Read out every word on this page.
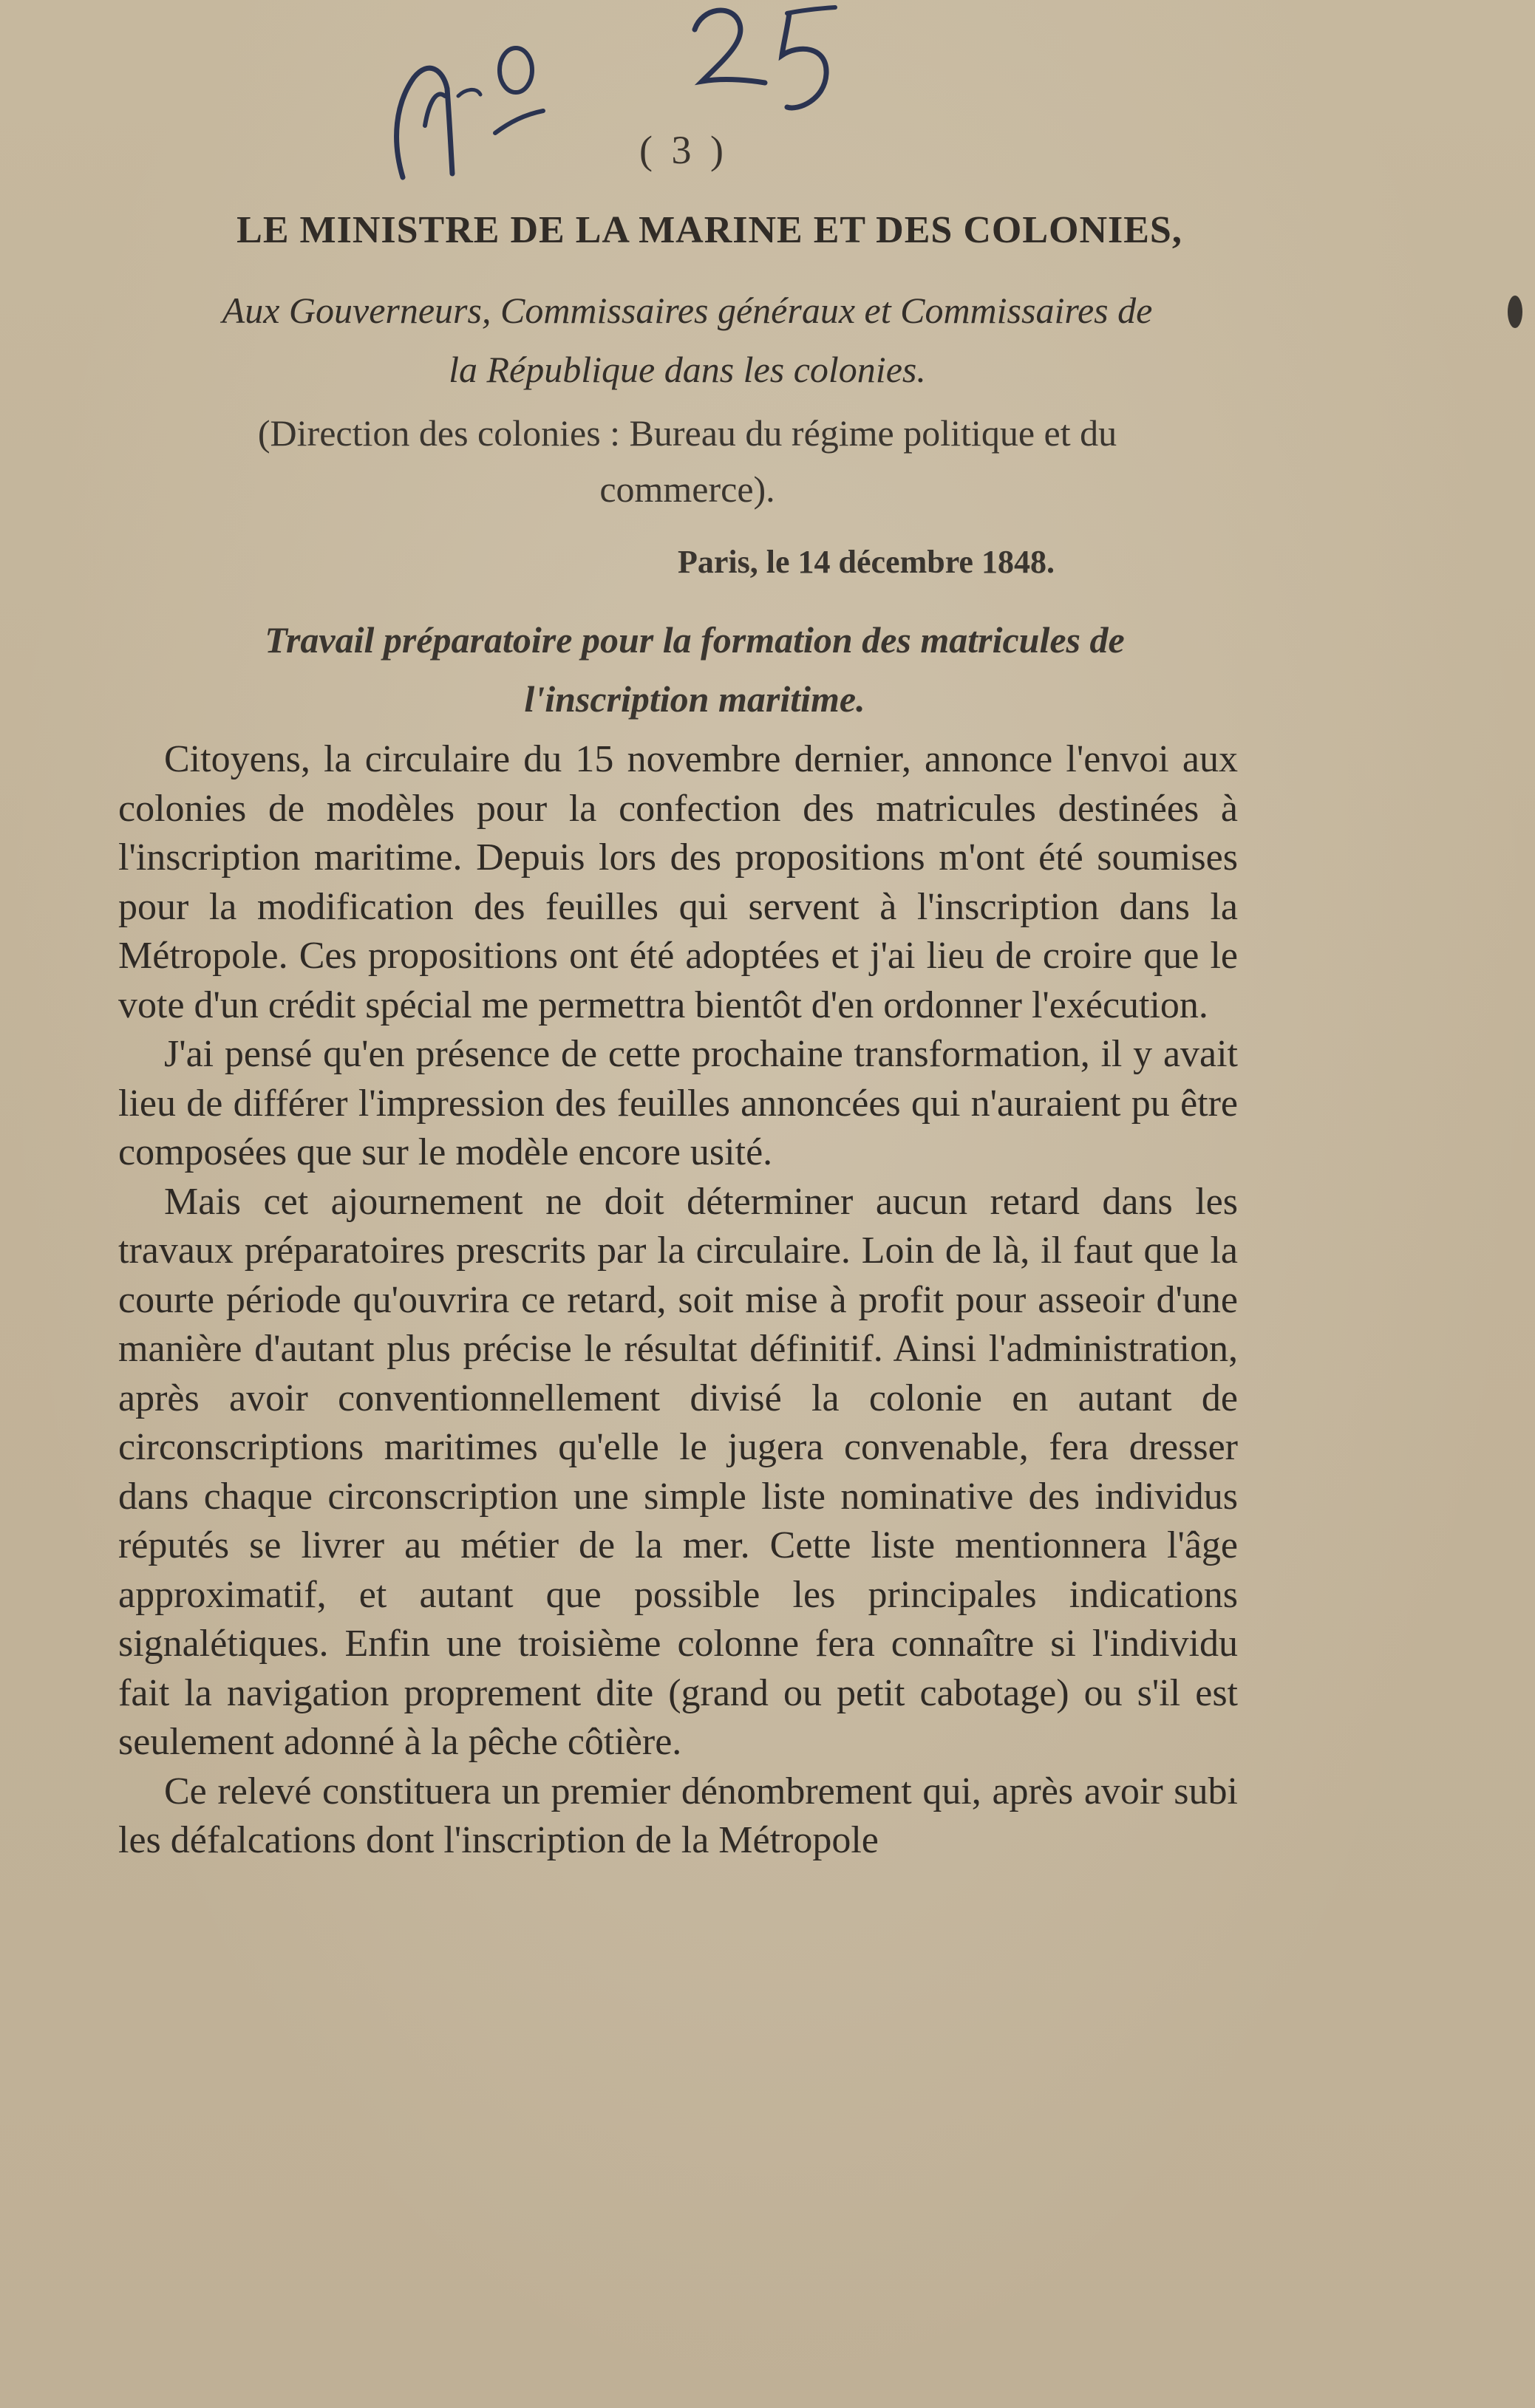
N° 25
( 3 )
LE MINISTRE DE LA MARINE ET DES COLONIES,
Aux Gouverneurs, Commissaires généraux et Commissaires de
la République dans les colonies.
(Direction des colonies : Bureau du régime politique et du
commerce).
Paris, le 14 décembre 1848.
Travail préparatoire pour la formation des matricules de
l'inscription maritime.

Citoyens, la circulaire du 15 novembre dernier, annonce l'envoi aux colonies de modèles pour la confection des matricules destinées à l'inscription maritime. Depuis lors des propositions m'ont été soumises pour la modification des feuilles qui servent à l'inscription dans la Métropole. Ces propositions ont été adoptées et j'ai lieu de croire que le vote d'un crédit spécial me permettra bientôt d'en ordonner l'exécution.

J'ai pensé qu'en présence de cette prochaine transformation, il y avait lieu de différer l'impression des feuilles annoncées qui n'auraient pu être composées que sur le modèle encore usité.

Mais cet ajournement ne doit déterminer aucun retard dans les travaux préparatoires prescrits par la circulaire. Loin de là, il faut que la courte période qu'ouvrira ce retard, soit mise à profit pour asseoir d'une manière d'autant plus précise le résultat définitif. Ainsi l'administration, après avoir conventionnellement divisé la colonie en autant de circonscriptions maritimes qu'elle le jugera convenable, fera dresser dans chaque circonscription une simple liste nominative des individus réputés se livrer au métier de la mer. Cette liste mentionnera l'âge approximatif, et autant que possible les principales indications signalétiques. Enfin une troisième colonne fera connaître si l'individu fait la navigation proprement dite (grand ou petit cabotage) ou s'il est seulement adonné à la pêche côtière.

Ce relevé constituera un premier dénombrement qui, après avoir subi les défalcations dont l'inscription de la Métropole
